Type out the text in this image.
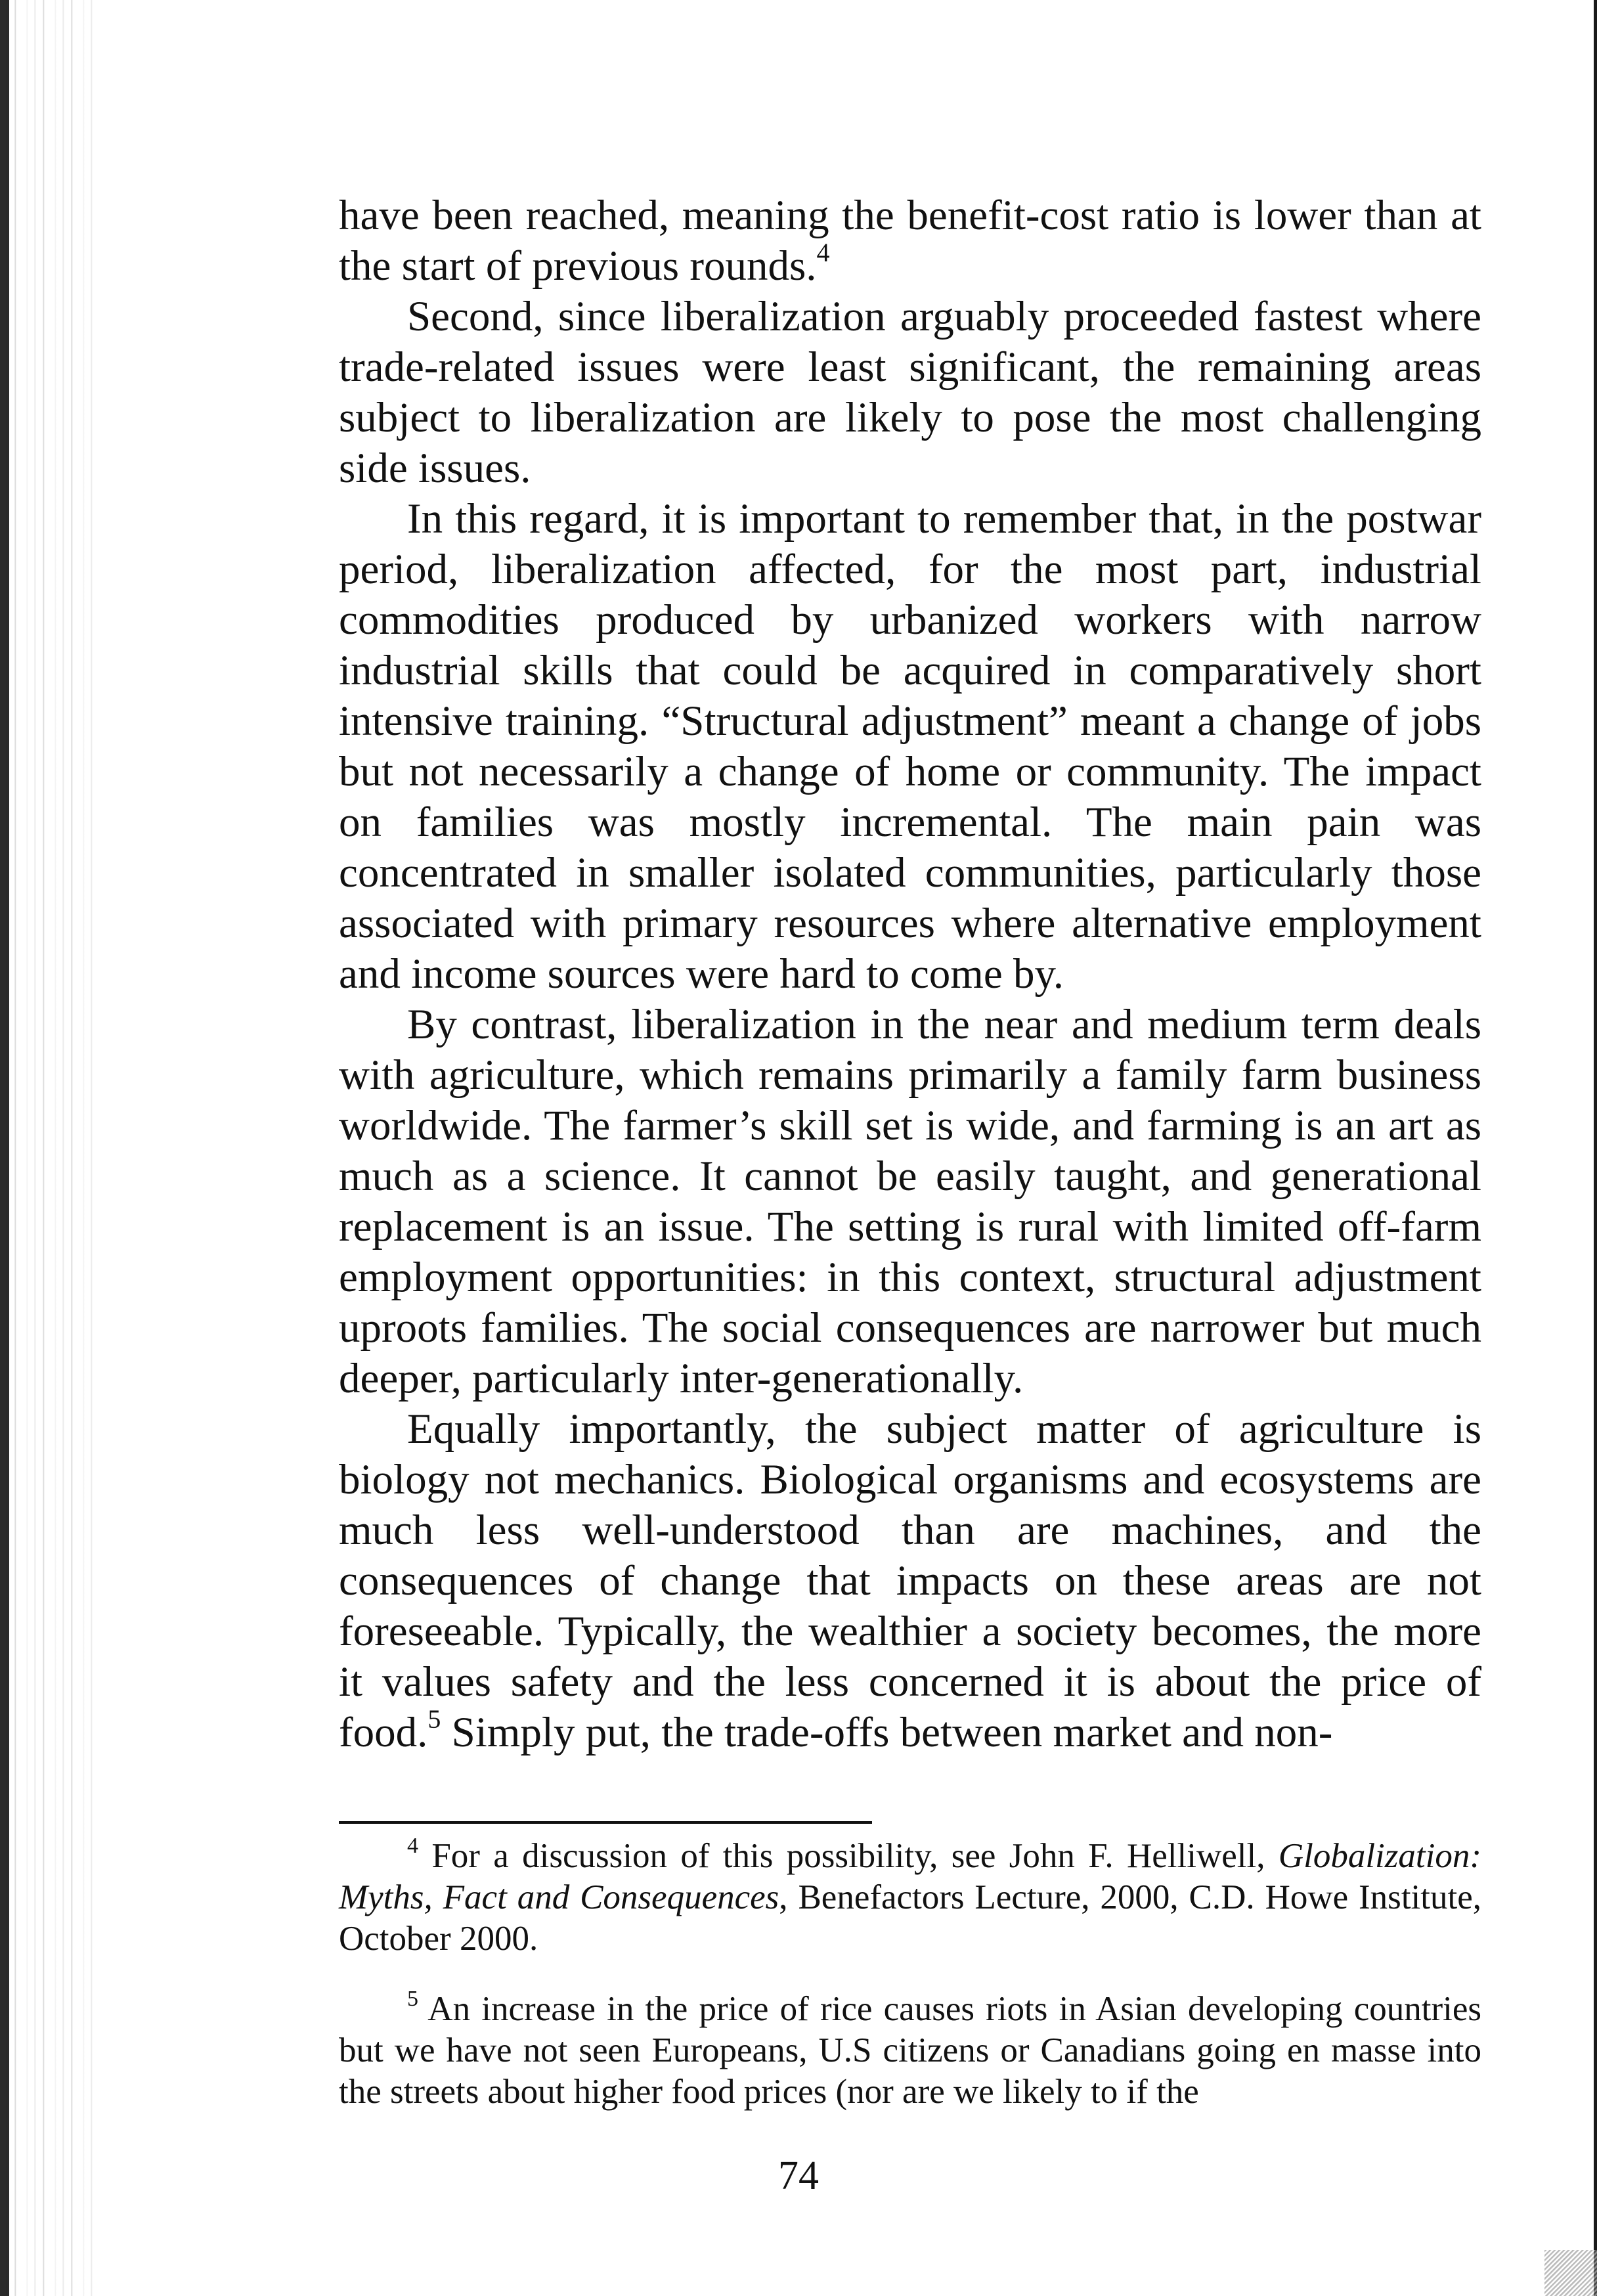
have been reached, meaning the benefit-cost ratio is lower than at the start of previous rounds.$^4$

Second, since liberalization arguably proceeded fastest where trade-related issues were least significant, the remaining areas subject to liberalization are likely to pose the most challenging side issues.

In this regard, it is important to remember that, in the postwar period, liberalization affected, for the most part, industrial commodities produced by urbanized workers with narrow industrial skills that could be acquired in comparatively short intensive training. “Structural adjustment” meant a change of jobs but not necessarily a change of home or community. The impact on families was mostly incremental. The main pain was concentrated in smaller isolated communities, particularly those associated with primary resources where alternative employment and income sources were hard to come by.

By contrast, liberalization in the near and medium term deals with agriculture, which remains primarily a family farm business worldwide. The farmer’s skill set is wide, and farming is an art as much as a science. It cannot be easily taught, and generational replacement is an issue. The setting is rural with limited off-farm employment opportunities: in this context, structural adjustment uproots families. The social consequences are narrower but much deeper, particularly inter-generationally.

Equally importantly, the subject matter of agriculture is biology not mechanics. Biological organisms and ecosystems are much less well-understood than are machines, and the consequences of change that impacts on these areas are not foreseeable. Typically, the wealthier a society becomes, the more it values safety and the less concerned it is about the price of food.$^5$ Simply put, the trade-offs between market and non-

$^4$ For a discussion of this possibility, see John F. Helliwell, Globalization: Myths, Fact and Consequences, Benefactors Lecture, 2000, C.D. Howe Institute, October 2000.

$^5$ An increase in the price of rice causes riots in Asian developing countries but we have not seen Europeans, U.S citizens or Canadians going en masse into the streets about higher food prices (nor are we likely to if the

74
